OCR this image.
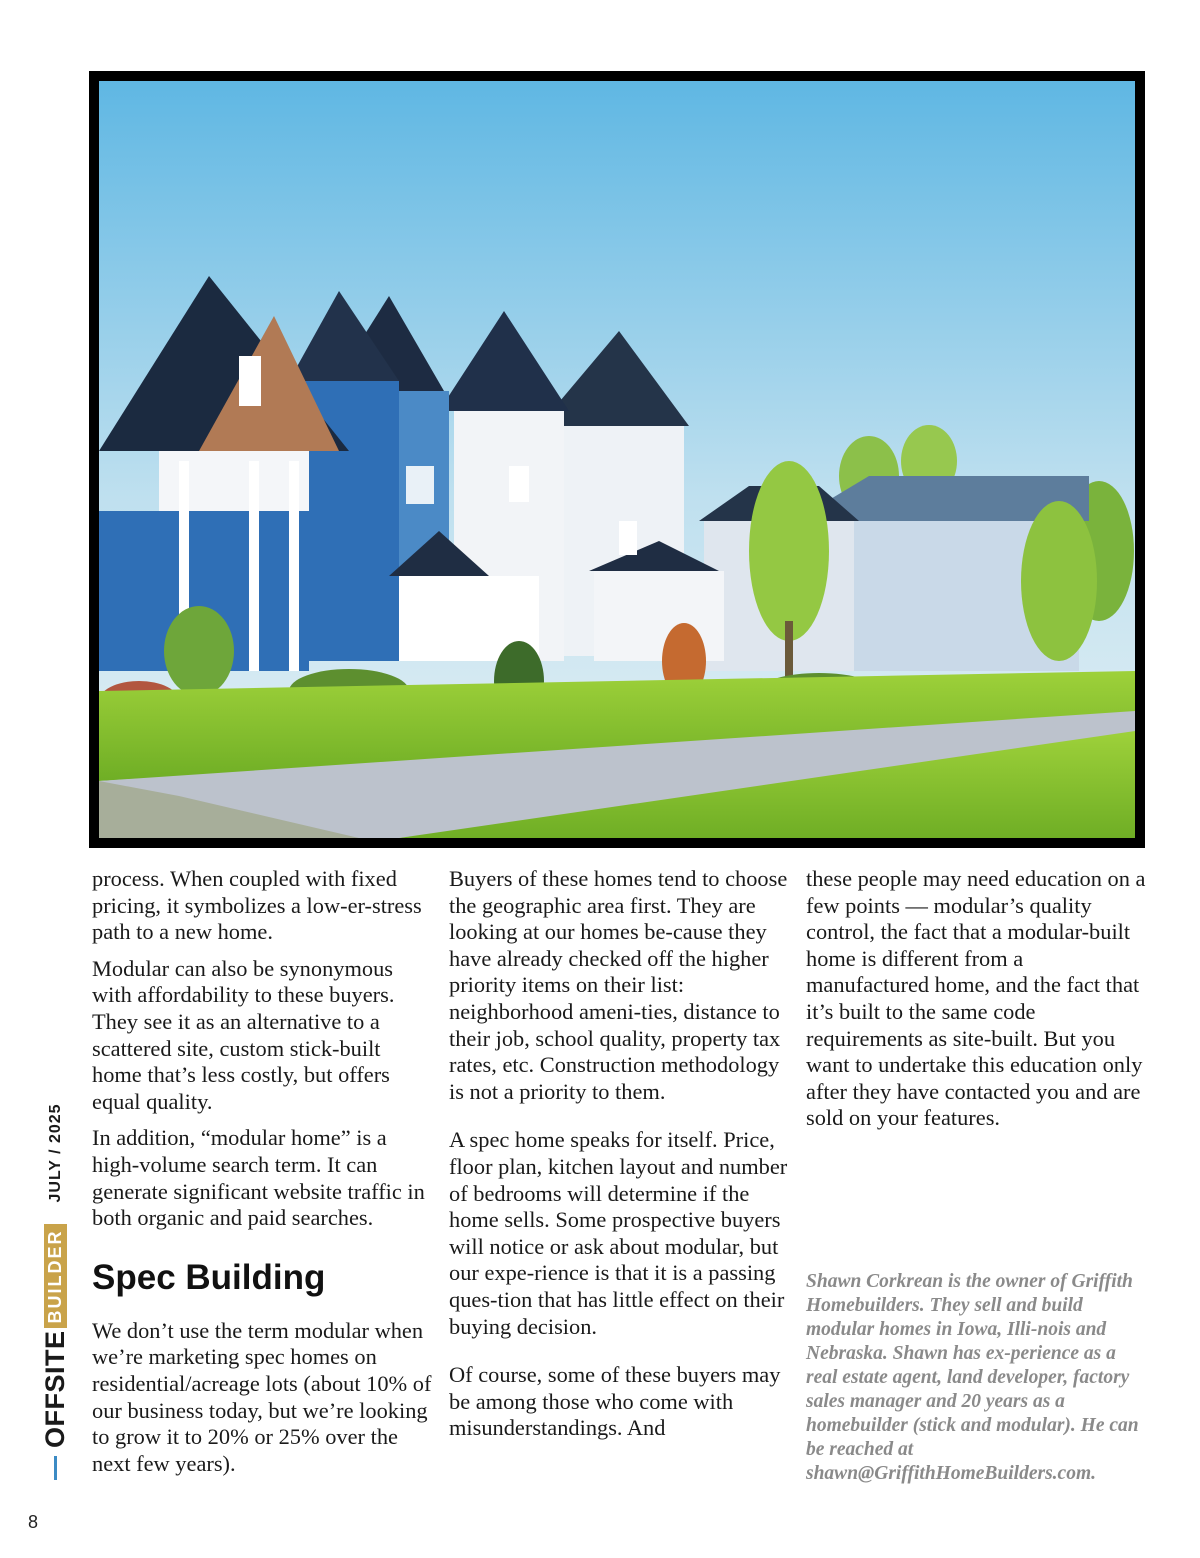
process. When coupled with fixed pricing, it symbolizes a low-er-stress path to a new home.

Modular can also be synonymous with affordability to these buyers. They see it as an alternative to a scattered site, custom stick-built home that’s less costly, but offers equal quality.

In addition, “modular home” is a high-volume search term. It can generate significant website traffic in both organic and paid searches.

Spec Building

We don’t use the term modular when we’re marketing spec homes on residential/acreage lots (about 10% of our business today, but we’re looking to grow it to 20% or 25% over the next few years).

Buyers of these homes tend to choose the geographic area first. They are looking at our homes be-cause they have already checked off the higher priority items on their list: neighborhood ameni-ties, distance to their job, school quality, property tax rates, etc. Construction methodology is not a priority to them.

A spec home speaks for itself. Price, floor plan, kitchen layout and number of bedrooms will determine if the home sells. Some prospective buyers will notice or ask about modular, but our expe-rience is that it is a passing ques-tion that has little effect on their buying decision.

Of course, some of these buyers may be among those who come with misunderstandings. And

these people may need education on a few points — modular’s quality control, the fact that a modular-built home is different from a manufactured home, and the fact that it’s built to the same code requirements as site-built. But you want to undertake this education only after they have contacted you and are sold on your features.

Shawn Corkrean is the owner of Griffith Homebuilders. They sell and build modular homes in Iowa, Illi-nois and Nebraska. Shawn has ex-perience as a real estate agent, land developer, factory sales manager and 20 years as a homebuilder (stick and modular). He can be reached at shawn@GriffithHomeBuilders.com.
OFFSITE
BUILDER
JULY / 2025
8
